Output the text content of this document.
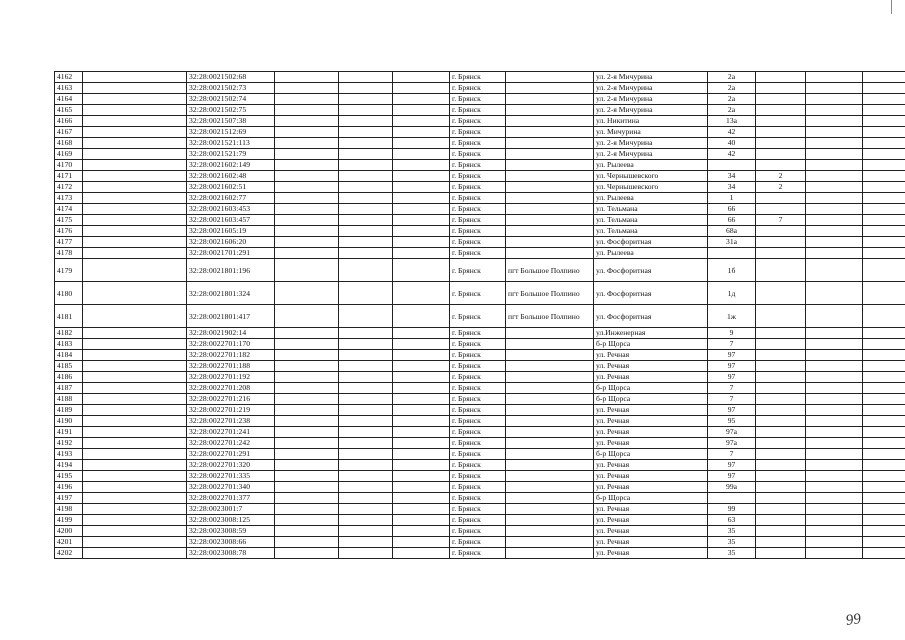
4162		32:28:0021502:68				г. Брянск		ул. 2-я Мичурина	2а			
4163		32:28:0021502:73				г. Брянск		ул. 2-я Мичурина	2а			
4164		32:28:0021502:74				г. Брянск		ул. 2-я Мичурина	2а			
4165		32:28:0021502:75				г. Брянск		ул. 2-я Мичурина	2а			
4166		32:28:0021507:38				г. Брянск		ул. Никитина	13а			
4167		32:28:0021512:69				г. Брянск		ул. Мичурина	42			
4168		32:28:0021521:113				г. Брянск		ул. 2-я Мичурина	40			
4169		32:28:0021521:79				г. Брянск		ул. 2-я Мичурина	42			
4170		32:28:0021602:149				г. Брянск		ул. Рылеева				
4171		32:28:0021602:48				г. Брянск		ул. Чернышевского	34	2		
4172		32:28:0021602:51				г. Брянск		ул. Чернышевского	34	2		
4173		32:28:0021602:77				г. Брянск		ул. Рылеева	1			
4174		32:28:0021603:453				г. Брянск		ул. Тельмана	66			
4175		32:28:0021603:457				г. Брянск		ул. Тельмана	66	7		
4176		32:28:0021605:19				г. Брянск		ул. Тельмана	68а			
4177		32:28:0021606:20				г. Брянск		ул. Фосфоритная	31а			
4178		32:28:0021701:291				г. Брянск		ул. Рылеева				
4179		32:28:0021801:196				г. Брянск	пгт Большое Полпино	ул. Фосфоритная	1б			
4180		32:28:0021801:324				г. Брянск	пгт Большое Полпино	ул. Фосфоритная	1д			
4181		32:28:0021801:417				г. Брянск	пгт Большое Полпино	ул. Фосфоритная	1ж			
4182		32:28:0021902:14				г. Брянск		ул.Инженерная	9			
4183		32:28:0022701:170				г. Брянск		б-р Щорса	7			
4184		32:28:0022701:182				г. Брянск		ул. Речная	97			
4185		32:28:0022701:188				г. Брянск		ул. Речная	97			
4186		32:28:0022701:192				г. Брянск		ул. Речная	97			
4187		32:28:0022701:208				г. Брянск		б-р Щорса	7			
4188		32:28:0022701:216				г. Брянск		б-р Щорса	7			
4189		32:28:0022701:219				г. Брянск		ул. Речная	97			
4190		32:28:0022701:238				г. Брянск		ул. Речная	95			
4191		32:28:0022701:241				г. Брянск		ул. Речная	97а			
4192		32:28:0022701:242				г. Брянск		ул. Речная	97а			
4193		32:28:0022701:291				г. Брянск		б-р Щорса	7			
4194		32:28:0022701:320				г. Брянск		ул. Речная	97			
4195		32:28:0022701:335				г. Брянск		ул. Речная	97			
4196		32:28:0022701:340				г. Брянск		ул. Речная	99а			
4197		32:28:0022701:377				г. Брянск		б-р Щорса				
4198		32:28:0023001:7				г. Брянск		ул. Речная	99			
4199		32:28:0023008:125				г. Брянск		ул. Речная	63			
4200		32:28:0023008:59				г. Брянск		ул. Речная	35			
4201		32:28:0023008:66				г. Брянск		ул. Речная	35			
4202		32:28:0023008:78				г. Брянск		ул. Речная	35			
99
